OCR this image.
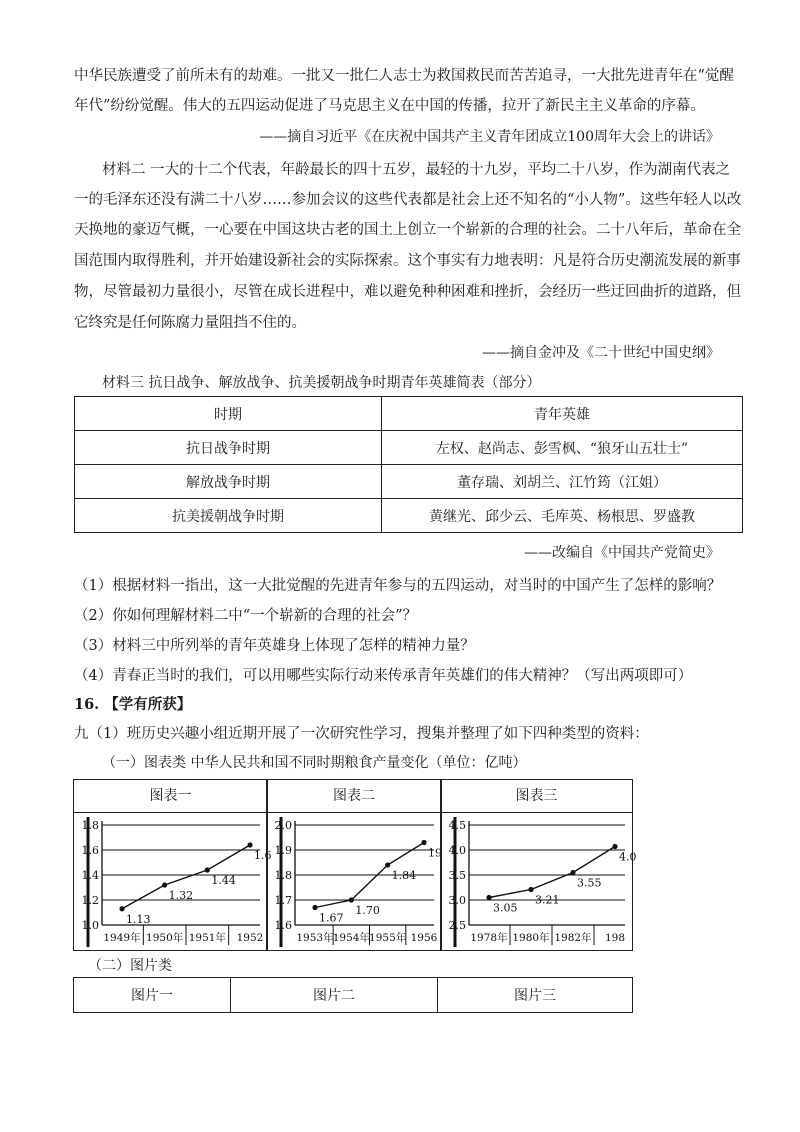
中华民族遭受了前所未有的劫难。一批又一批仁人志士为救国救民而苦苦追寻，一大批先进青年在“觉醒
年代”纷纷觉醒。伟大的五四运动促进了马克思主义在中国的传播，拉开了新民主主义革命的序幕。
——摘自习近平《在庆祝中国共产主义青年团成立100周年大会上的讲话》
材料二 一大的十二个代表，年龄最长的四十五岁，最轻的十九岁，平均二十八岁，作为湖南代表之
一的毛泽东还没有满二十八岁……参加会议的这些代表都是社会上还不知名的“小人物”。这些年轻人以改
天换地的豪迈气概，一心要在中国这块古老的国土上创立一个崭新的合理的社会。二十八年后，革命在全
国范围内取得胜利，并开始建设新社会的实际探索。这个事实有力地表明：凡是符合历史潮流发展的新事
物，尽管最初力量很小，尽管在成长进程中，难以避免种种困难和挫折，会经历一些迂回曲折的道路，但
它终究是任何陈腐力量阻挡不住的。
——摘自金冲及《二十世纪中国史纲》
材料三 抗日战争、解放战争、抗美援朝战争时期青年英雄简表（部分）
时期	青年英雄
抗日战争时期	左权、赵尚志、彭雪枫、“狼牙山五壮士”
解放战争时期	董存瑞、刘胡兰、江竹筠（江姐）
抗美援朝战争时期	黄继光、邱少云、毛库英、杨根思、罗盛教
——改编自《中国共产党简史》
（1）根据材料一指出，这一大批觉醒的先进青年参与的五四运动，对当时的中国产生了怎样的影响？
（2）你如何理解材料二中“一个崭新的合理的社会”？
（3）材料三中所列举的青年英雄身上体现了怎样的精神力量？
（4）青春正当时的我们，可以用哪些实际行动来传承青年英雄们的伟大精神？（写出两项即可）
16. 【学有所获】
九（1）班历史兴趣小组近期开展了一次研究性学习，搜集并整理了如下四种类型的资料：
（一）图表类 中华人民共和国不同时期粮食产量变化（单位：亿吨）
图表一
1.8
1.6
1.4
1.2
1.0
1949年 1950年 1951年 1952
1.13
1.32
1.44
1.6
图表二
2.0
1.9
1.8
1.7
1.6
1953年 1954年 1955年 1956
1.67
1.70
1.84
19
图表三
4.5
4.0
3.5
3.0
2.5
1978年 1980年 1982年 198
3.05
3.21
3.55
4.0
（二）图片类
图片一	图片二	图片三
